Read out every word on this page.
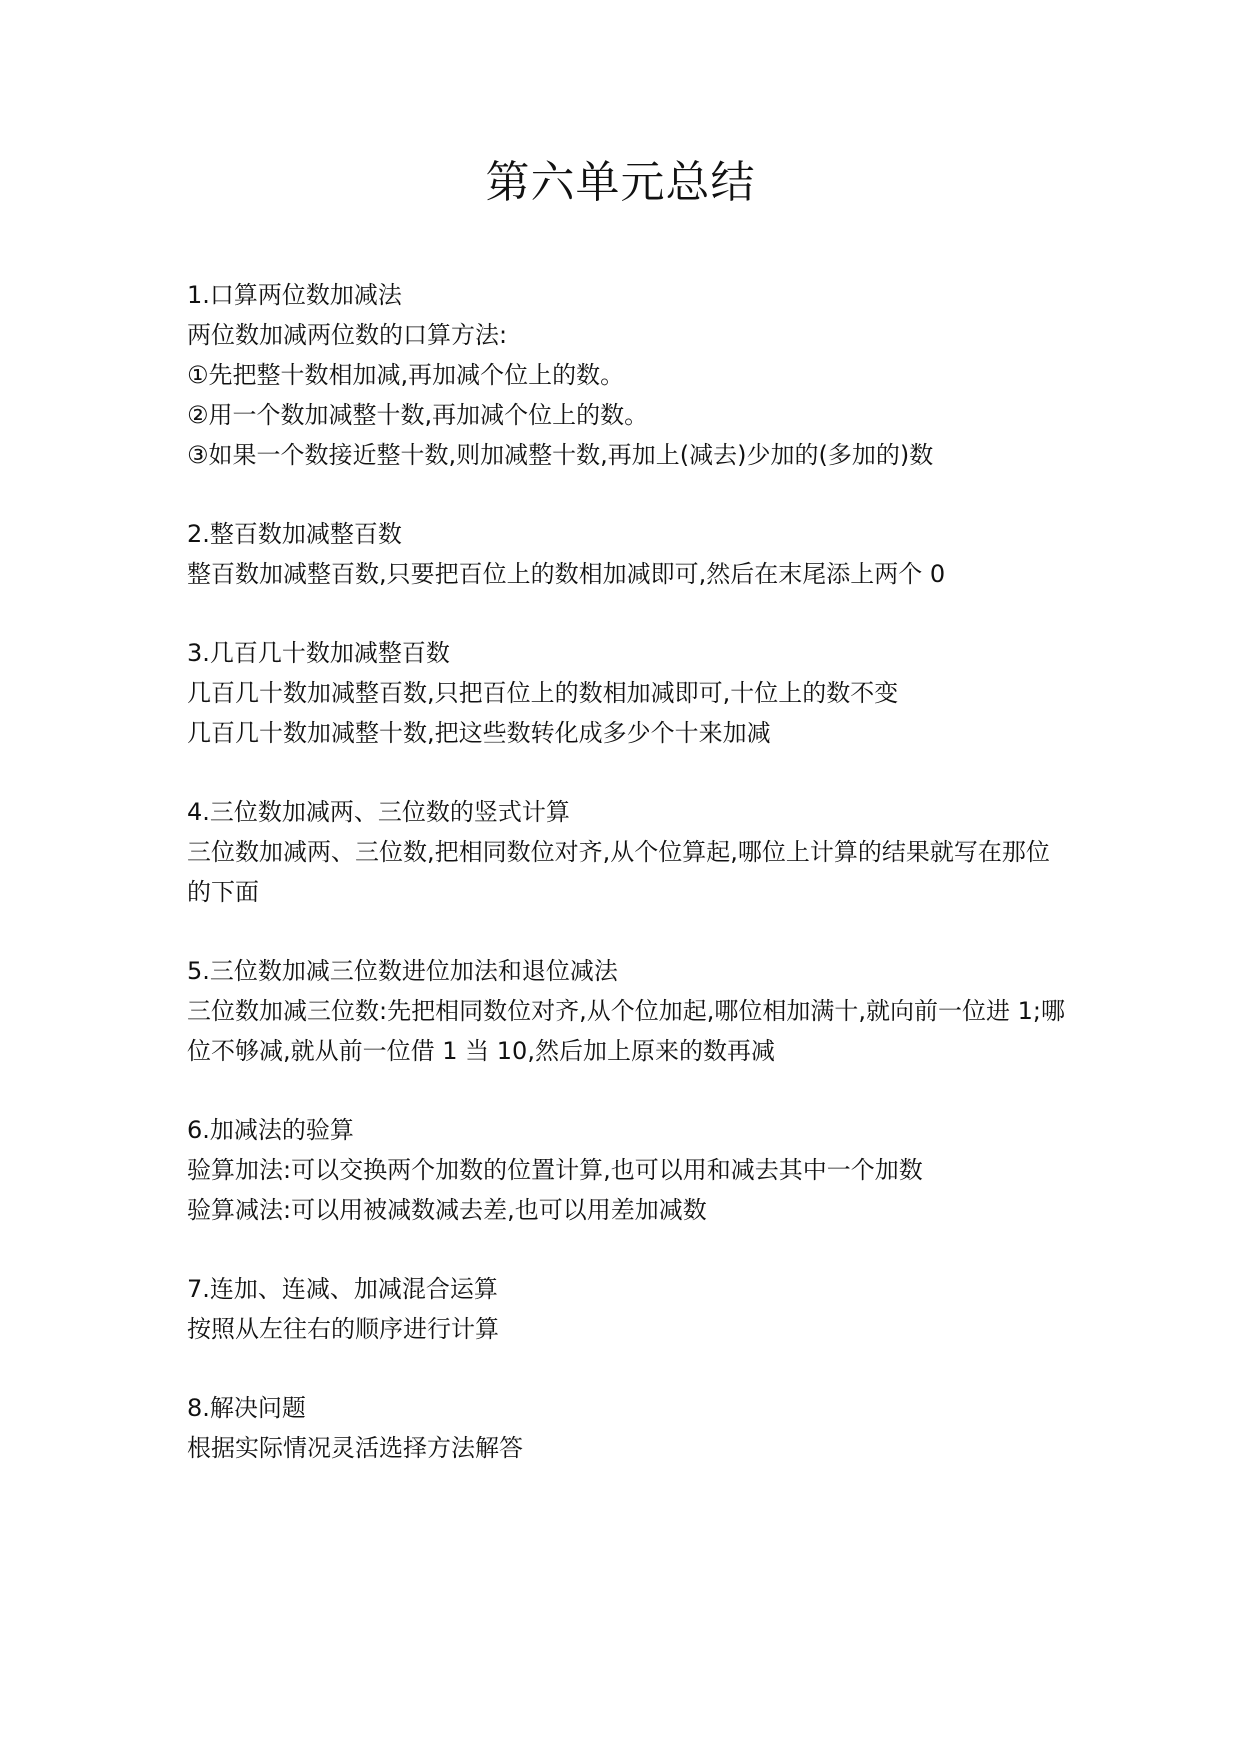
第六单元总结
1.口算两位数加减法
两位数加减两位数的口算方法:
①先把整十数相加减,再加减个位上的数。
②用一个数加减整十数,再加减个位上的数。
③如果一个数接近整十数,则加减整十数,再加上(减去)少加的(多加的)数
2.整百数加减整百数
整百数加减整百数,只要把百位上的数相加减即可,然后在末尾添上两个 0
3.几百几十数加减整百数
几百几十数加减整百数,只把百位上的数相加减即可,十位上的数不变
几百几十数加减整十数,把这些数转化成多少个十来加减
4.三位数加减两、三位数的竖式计算
三位数加减两、三位数,把相同数位对齐,从个位算起,哪位上计算的结果就写在那位的下面
5.三位数加减三位数进位加法和退位减法
三位数加减三位数:先把相同数位对齐,从个位加起,哪位相加满十,就向前一位进 1;哪位不够减,就从前一位借 1 当 10,然后加上原来的数再减
6.加减法的验算
验算加法:可以交换两个加数的位置计算,也可以用和减去其中一个加数
验算减法:可以用被减数减去差,也可以用差加减数
7.连加、连减、加减混合运算
按照从左往右的顺序进行计算
8.解决问题
根据实际情况灵活选择方法解答
